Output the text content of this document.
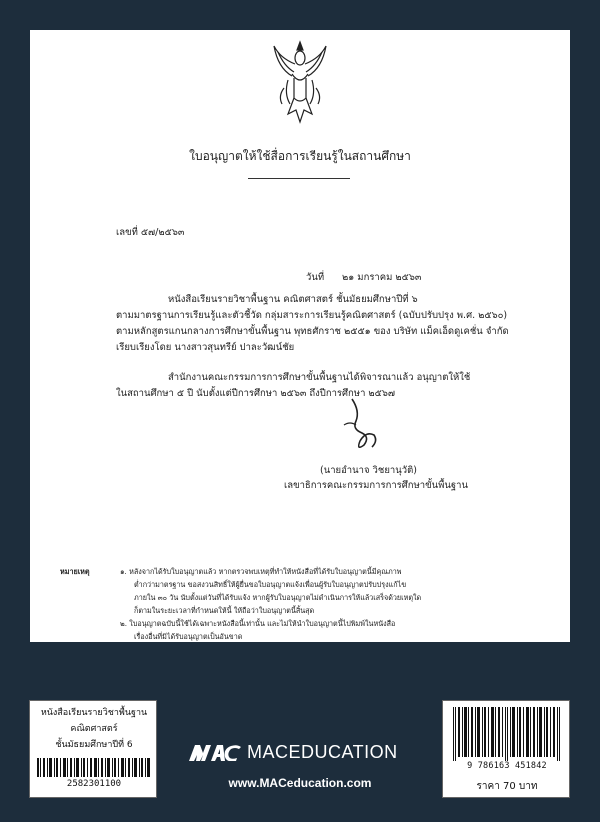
ใบอนุญาตให้ใช้สื่อการเรียนรู้ในสถานศึกษา
เลขที่ ๕๗/๒๕๖๓
วันที่ ๒๑ มกราคม ๒๕๖๓
หนังสือเรียนรายวิชาพื้นฐาน คณิตศาสตร์ ชั้นมัธยมศึกษาปีที่ ๖
ตามมาตรฐานการเรียนรู้และตัวชี้วัด กลุ่มสาระการเรียนรู้คณิตศาสตร์ (ฉบับปรับปรุง พ.ศ. ๒๕๖๐)
ตามหลักสูตรแกนกลางการศึกษาขั้นพื้นฐาน พุทธศักราช ๒๕๕๑ ของ บริษัท แม็คเอ็ดดูเคชั่น จำกัด
เรียบเรียงโดย นางสาวสุนทรีย์ ปาละวัฒน์ชัย
สำนักงานคณะกรรมการการศึกษาขั้นพื้นฐานได้พิจารณาแล้ว อนุญาตให้ใช้
ในสถานศึกษา ๕ ปี นับตั้งแต่ปีการศึกษา ๒๕๖๓ ถึงปีการศึกษา ๒๕๖๗
(นายอำนาจ วิชยานุวัติ)
เลขาธิการคณะกรรมการการศึกษาขั้นพื้นฐาน
หมายเหตุ	๑. หลังจากได้รับใบอนุญาตแล้ว หากตรวจพบเหตุที่ทำให้หนังสือที่ได้รับใบอนุญาตนี้มีคุณภาพ
ต่ำกว่ามาตรฐาน ขอสงวนสิทธิ์ให้ผู้ยื่นขอใบอนุญาตแจ้งเพื่อนผู้รับใบอนุญาตปรับปรุงแก้ไข
ภายใน ๓๐ วัน นับตั้งแต่วันที่ได้รับแจ้ง หากผู้รับใบอนุญาตไม่ดำเนินการให้แล้วเสร็จด้วยเหตุใด
ก็ตามในระยะเวลาที่กำหนดให้นี้ ให้ถือว่าใบอนุญาตนี้สิ้นสุด
๒. ใบอนุญาตฉบับนี้ใช้ได้เฉพาะหนังสือนี้เท่านั้น และไม่ให้นำใบอนุญาตนี้ไปพิมพ์ในหนังสือ
เรื่องอื่นที่มิได้รับอนุญาตเป็นอันขาด
หนังสือเรียนรายวิชาพื้นฐาน
คณิตศาสตร์
ชั้นมัธยมศึกษาปีที่ 6
2582301100
9 786163 451842
ราคา 70 บาท
MACEDUCATION
www.MACeducation.com
